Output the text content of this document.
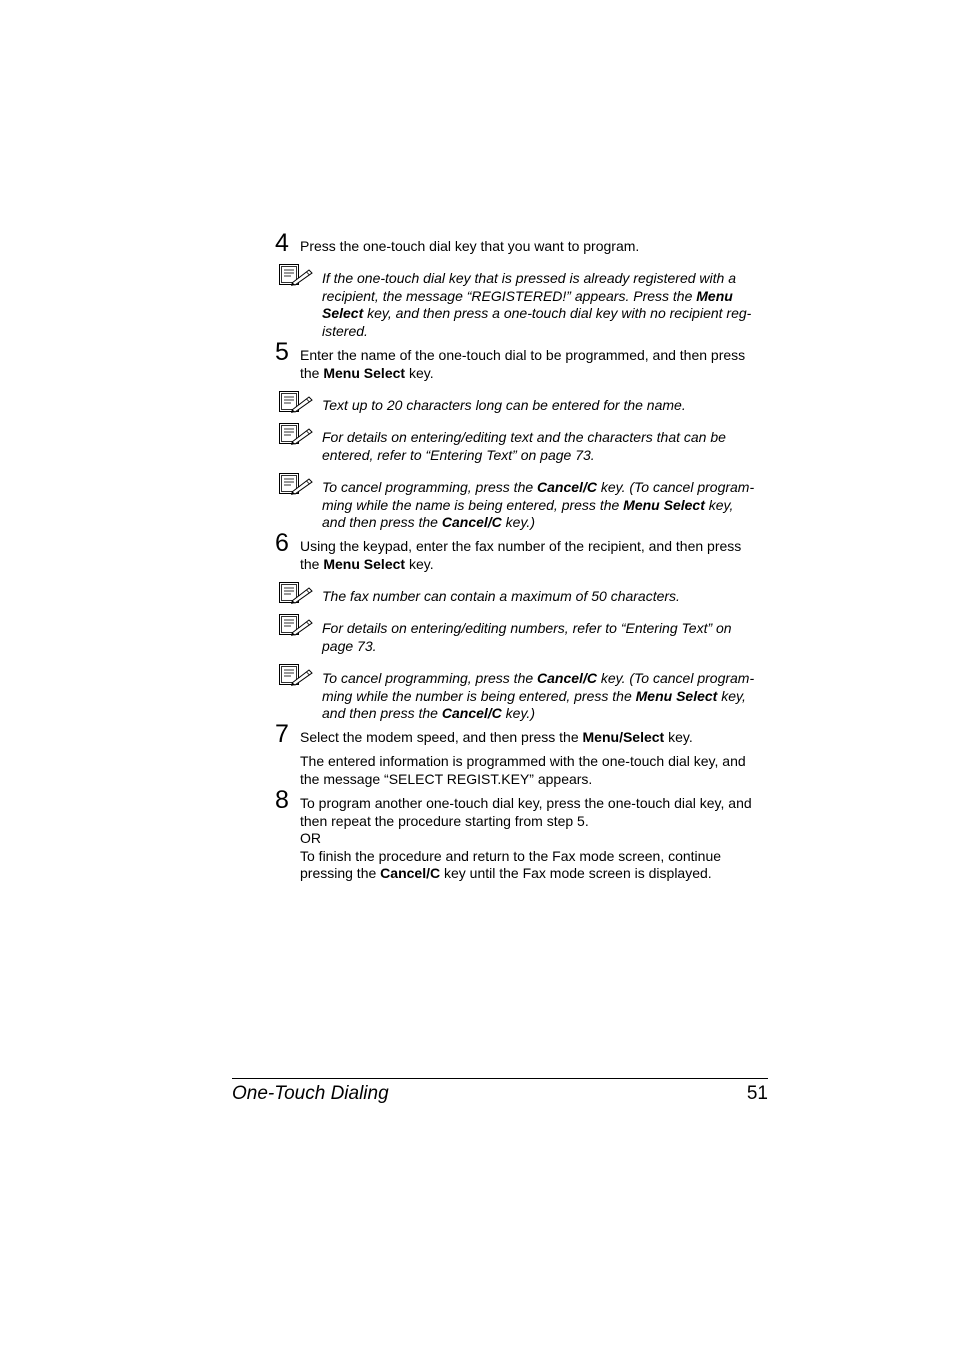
4 Press the one-touch dial key that you want to program.
If the one-touch dial key that is pressed is already registered with a
recipient, the message “REGISTERED!” appears. Press the Menu
Select key, and then press a one-touch dial key with no recipient reg-
istered.
5 Enter the name of the one-touch dial to be programmed, and then press
the Menu Select key.
Text up to 20 characters long can be entered for the name.
For details on entering/editing text and the characters that can be
entered, refer to “Entering Text” on page 73.
To cancel programming, press the Cancel/C key. (To cancel program-
ming while the name is being entered, press the Menu Select key,
and then press the Cancel/C key.)
6 Using the keypad, enter the fax number of the recipient, and then press
the Menu Select key.
The fax number can contain a maximum of 50 characters.
For details on entering/editing numbers, refer to “Entering Text” on
page 73.
To cancel programming, press the Cancel/C key. (To cancel program-
ming while the number is being entered, press the Menu Select key,
and then press the Cancel/C key.)
7 Select the modem speed, and then press the Menu/Select key.
The entered information is programmed with the one-touch dial key, and
the message “SELECT REGIST.KEY” appears.
8 To program another one-touch dial key, press the one-touch dial key, and
then repeat the procedure starting from step 5.
OR
To finish the procedure and return to the Fax mode screen, continue
pressing the Cancel/C key until the Fax mode screen is displayed.
One-Touch Dialing	51
